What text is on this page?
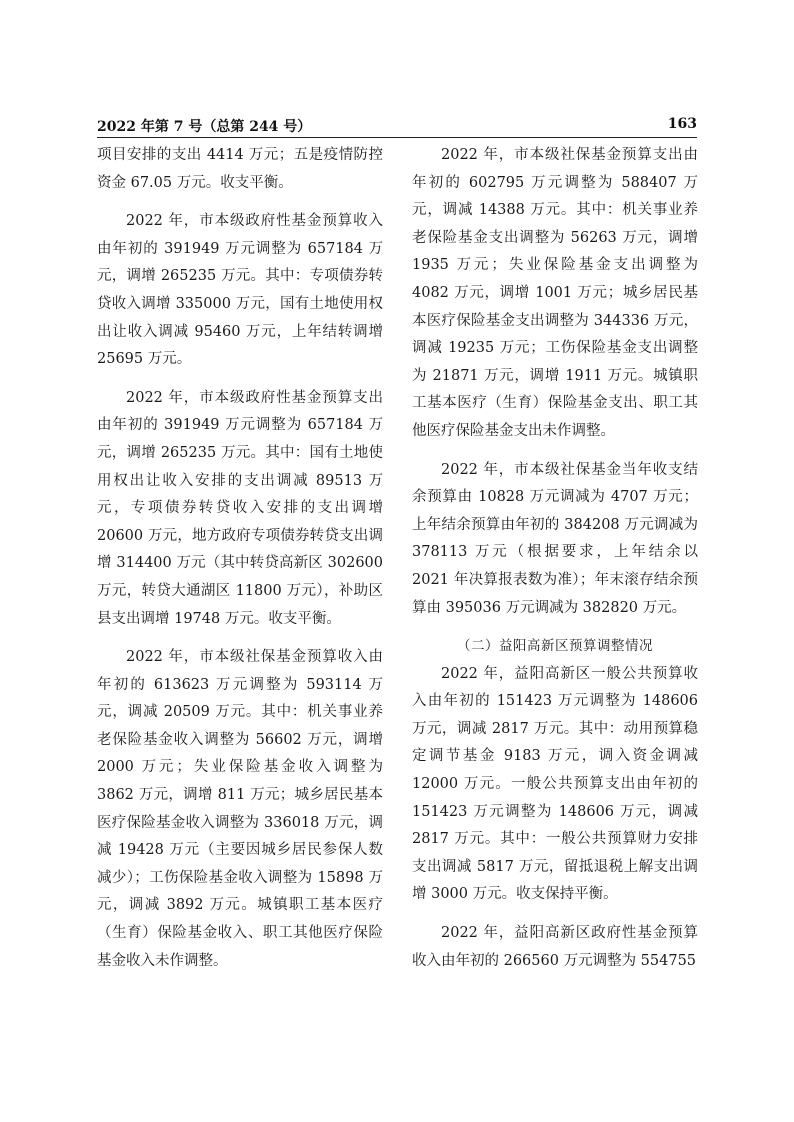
2022 年第 7 号（总第 244 号）	163

项目安排的支出 4414 万元；五是疫情防控资金 67.05 万元。收支平衡。

2022 年，市本级政府性基金预算收入由年初的 391949 万元调整为 657184 万元，调增 265235 万元。其中：专项债券转贷收入调增 335000 万元，国有土地使用权出让收入调减 95460 万元，上年结转调增 25695 万元。

2022 年，市本级政府性基金预算支出由年初的 391949 万元调整为 657184 万元，调增 265235 万元。其中：国有土地使用权出让收入安排的支出调减 89513 万元，专项债券转贷收入安排的支出调增 20600 万元，地方政府专项债券转贷支出调增 314400 万元（其中转贷高新区 302600 万元，转贷大通湖区 11800 万元），补助区县支出调增 19748 万元。收支平衡。

2022 年，市本级社保基金预算收入由年初的 613623 万元调整为 593114 万元，调减 20509 万元。其中：机关事业养老保险基金收入调整为 56602 万元，调增 2000 万元；失业保险基金收入调整为 3862 万元，调增 811 万元；城乡居民基本医疗保险基金收入调整为 336018 万元，调减 19428 万元（主要因城乡居民参保人数减少）；工伤保险基金收入调整为 15898 万元，调减 3892 万元。城镇职工基本医疗（生育）保险基金收入、职工其他医疗保险基金收入未作调整。

2022 年，市本级社保基金预算支出由年初的 602795 万元调整为 588407 万元，调减 14388 万元。其中：机关事业养老保险基金支出调整为 56263 万元，调增 1935 万元；失业保险基金支出调整为 4082 万元，调增 1001 万元；城乡居民基本医疗保险基金支出调整为 344336 万元，调减 19235 万元；工伤保险基金支出调整为 21871 万元，调增 1911 万元。城镇职工基本医疗（生育）保险基金支出、职工其他医疗保险基金支出未作调整。

2022 年，市本级社保基金当年收支结余预算由 10828 万元调减为 4707 万元；上年结余预算由年初的 384208 万元调减为 378113 万元（根据要求，上年结余以 2021 年决算报表数为准）；年末滚存结余预算由 395036 万元调减为 382820 万元。

（二）益阳高新区预算调整情况

2022 年，益阳高新区一般公共预算收入由年初的 151423 万元调整为 148606 万元，调减 2817 万元。其中：动用预算稳定调节基金 9183 万元，调入资金调减 12000 万元。一般公共预算支出由年初的 151423 万元调整为 148606 万元，调减 2817 万元。其中：一般公共预算财力安排支出调减 5817 万元，留抵退税上解支出调增 3000 万元。收支保持平衡。

2022 年，益阳高新区政府性基金预算收入由年初的 266560 万元调整为 554755
